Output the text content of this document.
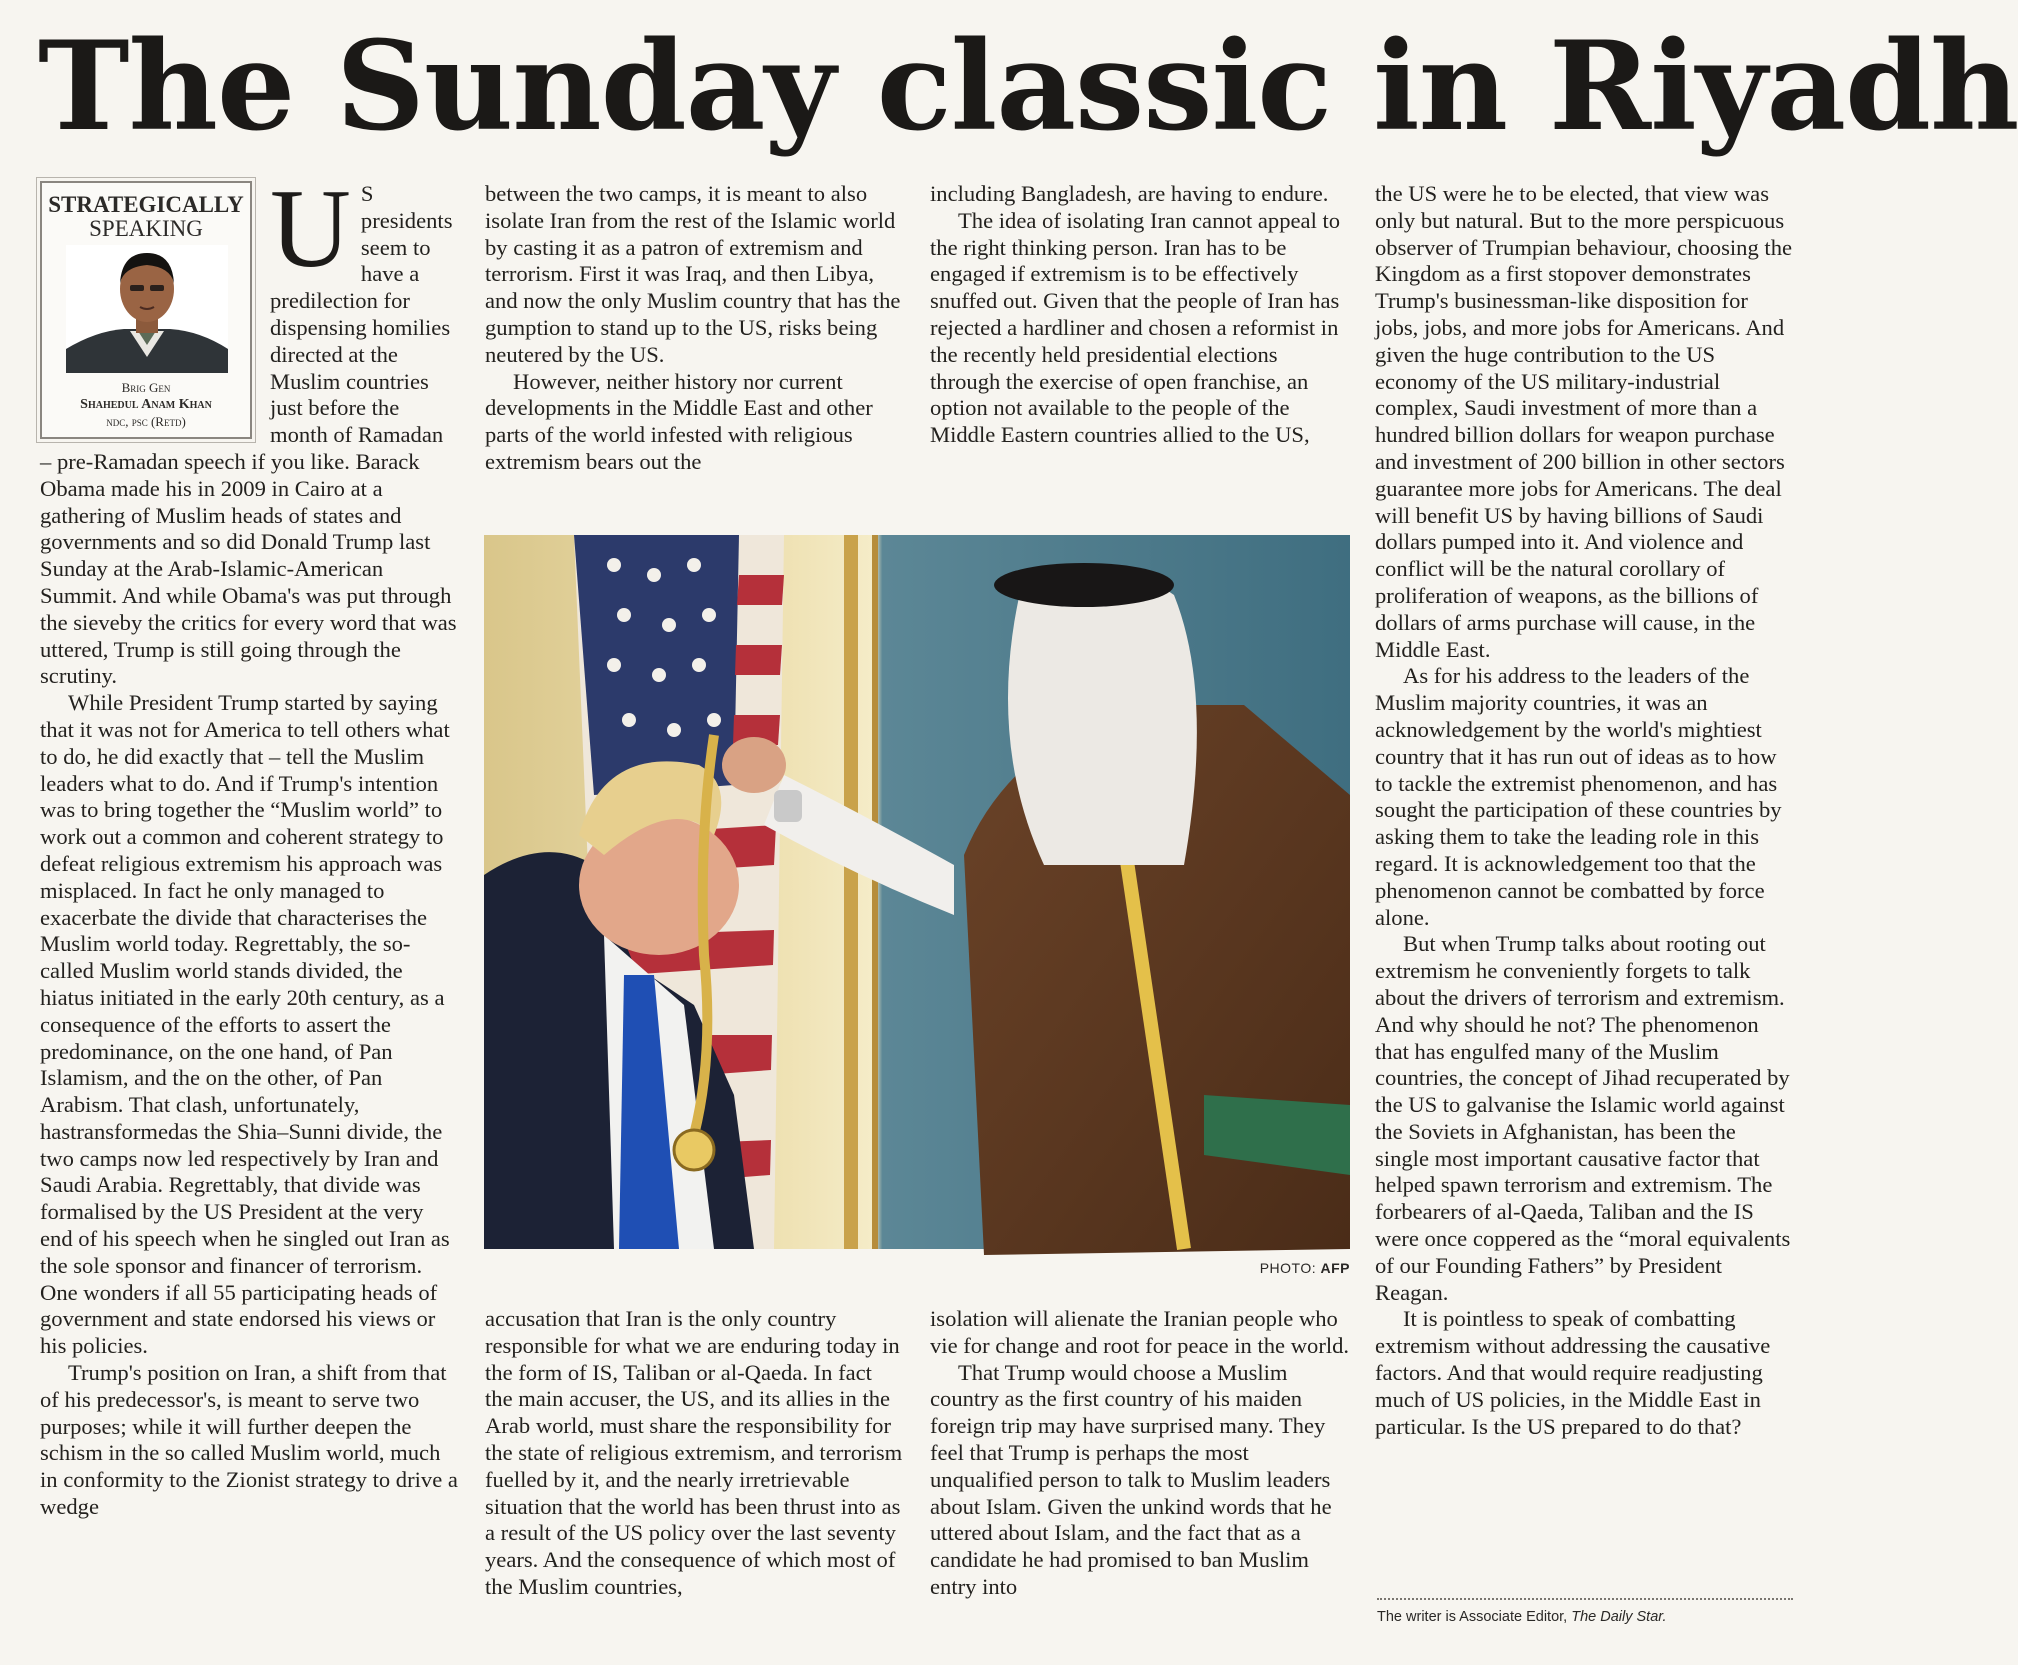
The Sunday classic in Riyadh
STRATEGICALLY
SPEAKING
Brig Gen
Shahedul Anam Khan
ndc, psc (Retd)

U S presidents seem to have a predilection for dispensing homilies directed at the Muslim countries just before the month of Ramadan – pre-Ramadan speech if you like. Barack Obama made his in 2009 in Cairo at a gathering of Muslim heads of states and governments and so did Donald Trump last Sunday at the Arab-Islamic-American Summit. And while Obama's was put through the sieveby the critics for every word that was uttered, Trump is still going through the scrutiny.

While President Trump started by saying that it was not for America to tell others what to do, he did exactly that – tell the Muslim leaders what to do. And if Trump's intention was to bring together the “Muslim world” to work out a common and coherent strategy to defeat religious extremism his approach was misplaced. In fact he only managed to exacerbate the divide that characterises the Muslim world today. Regrettably, the so-called Muslim world stands divided, the hiatus initiated in the early 20th century, as a consequence of the efforts to assert the predominance, on the one hand, of Pan Islamism, and the on the other, of Pan Arabism. That clash, unfortunately, hastransformedas the Shia–Sunni divide, the two camps now led respectively by Iran and Saudi Arabia. Regrettably, that divide was formalised by the US President at the very end of his speech when he singled out Iran as the sole sponsor and financer of terrorism. One wonders if all 55 participating heads of government and state endorsed his views or his policies.

Trump's position on Iran, a shift from that of his predecessor's, is meant to serve two purposes; while it will further deepen the schism in the so called Muslim world, much in conformity to the Zionist strategy to drive a wedge

between the two camps, it is meant to also isolate Iran from the rest of the Islamic world by casting it as a patron of extremism and terrorism. First it was Iraq, and then Libya, and now the only Muslim country that has the gumption to stand up to the US, risks being neutered by the US.

However, neither history nor current developments in the Middle East and other parts of the world infested with religious extremism bears out the

including Bangladesh, are having to endure.

The idea of isolating Iran cannot appeal to the right thinking person. Iran has to be engaged if extremism is to be effectively snuffed out. Given that the people of Iran has rejected a hardliner and chosen a reformist in the recently held presidential elections through the exercise of open franchise, an option not available to the people of the Middle Eastern countries allied to the US,

PHOTO: AFP

accusation that Iran is the only country responsible for what we are enduring today in the form of IS, Taliban or al-Qaeda. In fact the main accuser, the US, and its allies in the Arab world, must share the responsibility for the state of religious extremism, and terrorism fuelled by it, and the nearly irretrievable situation that the world has been thrust into as a result of the US policy over the last seventy years. And the consequence of which most of the Muslim countries,

isolation will alienate the Iranian people who vie for change and root for peace in the world.

That Trump would choose a Muslim country as the first country of his maiden foreign trip may have surprised many. They feel that Trump is perhaps the most unqualified person to talk to Muslim leaders about Islam. Given the unkind words that he uttered about Islam, and the fact that as a candidate he had promised to ban Muslim entry into

the US were he to be elected, that view was only but natural. But to the more perspicuous observer of Trumpian behaviour, choosing the Kingdom as a first stopover demonstrates Trump's businessman-like disposition for jobs, jobs, and more jobs for Americans. And given the huge contribution to the US economy of the US military-industrial complex, Saudi investment of more than a hundred billion dollars for weapon purchase and investment of 200 billion in other sectors guarantee more jobs for Americans. The deal will benefit US by having billions of Saudi dollars pumped into it. And violence and conflict will be the natural corollary of proliferation of weapons, as the billions of dollars of arms purchase will cause, in the Middle East.

As for his address to the leaders of the Muslim majority countries, it was an acknowledgement by the world's mightiest country that it has run out of ideas as to how to tackle the extremist phenomenon, and has sought the participation of these countries by asking them to take the leading role in this regard. It is acknowledgement too that the phenomenon cannot be combatted by force alone.

But when Trump talks about rooting out extremism he conveniently forgets to talk about the drivers of terrorism and extremism. And why should he not? The phenomenon that has engulfed many of the Muslim countries, the concept of Jihad recuperated by the US to galvanise the Islamic world against the Soviets in Afghanistan, has been the single most important causative factor that helped spawn terrorism and extremism. The forbearers of al-Qaeda, Taliban and the IS were once coppered as the “moral equivalents of our Founding Fathers” by President Reagan.

It is pointless to speak of combatting extremism without addressing the causative factors. And that would require readjusting much of US policies, in the Middle East in particular. Is the US prepared to do that?

The writer is Associate Editor, The Daily Star.
